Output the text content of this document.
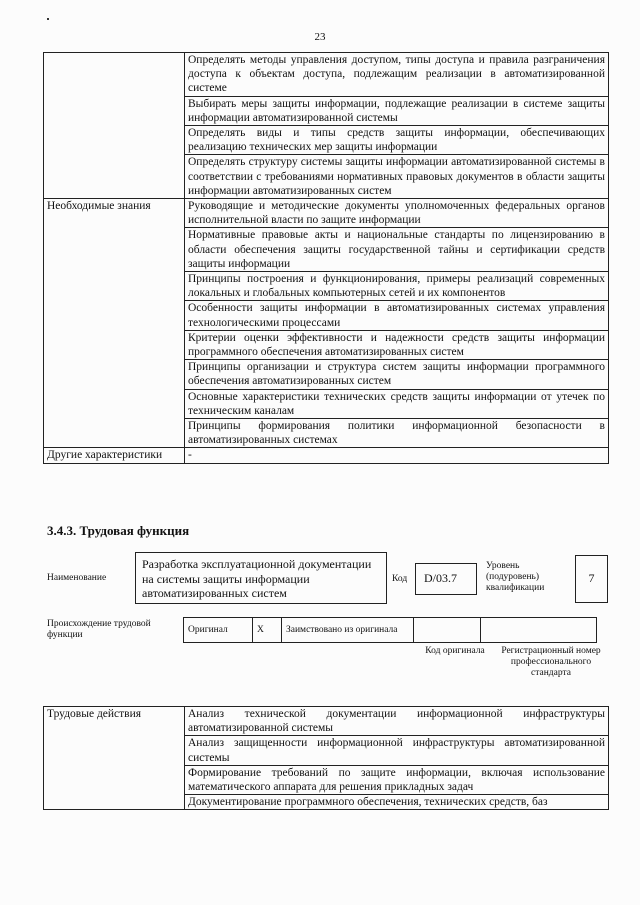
23
	Определять методы управления доступом, типы доступа и правила разграничения доступа к объектам доступа, подлежащим реализации в автоматизированной системе
	Выбирать меры защиты информации, подлежащие реализации в системе защиты информации автоматизированной системы
	Определять виды и типы средств защиты информации, обеспечивающих реализацию технических мер защиты информации
	Определять структуру системы защиты информации автоматизированной системы в соответствии с требованиями нормативных правовых документов в области защиты информации автоматизированных систем
Необходимые знания	Руководящие и методические документы уполномоченных федеральных органов исполнительной власти по защите информации
	Нормативные правовые акты и национальные стандарты по лицензированию в области обеспечения защиты государственной тайны и сертификации средств защиты информации
	Принципы построения и функционирования, примеры реализаций современных локальных и глобальных компьютерных сетей и их компонентов
	Особенности защиты информации в автоматизированных системах управления технологическими процессами
	Критерии оценки эффективности и надежности средств защиты информации программного обеспечения автоматизированных систем
	Принципы организации и структура систем защиты информации программного обеспечения автоматизированных систем
	Основные характеристики технических средств защиты информации от утечек по техническим каналам
	Принципы формирования политики информационной безопасности в автоматизированных системах
Другие характеристики	-
3.4.3. Трудовая функция
Наименование
Разработка эксплуатационной документации на системы защиты информации автоматизированных систем
Код	D/03.7
Уровень (подуровень) квалификации
7
Происхождение трудовой функции	Оригинал	X	Заимствовано из оригинала		
Код оригинала	Регистрационный номер профессионального стандарта
Трудовые действия	Анализ технической документации информационной инфраструктуры автоматизированной системы
Анализ защищенности информационной инфраструктуры автоматизированной системы
Формирование требований по защите информации, включая использование математического аппарата для решения прикладных задач
Документирование программного обеспечения, технических средств, баз
